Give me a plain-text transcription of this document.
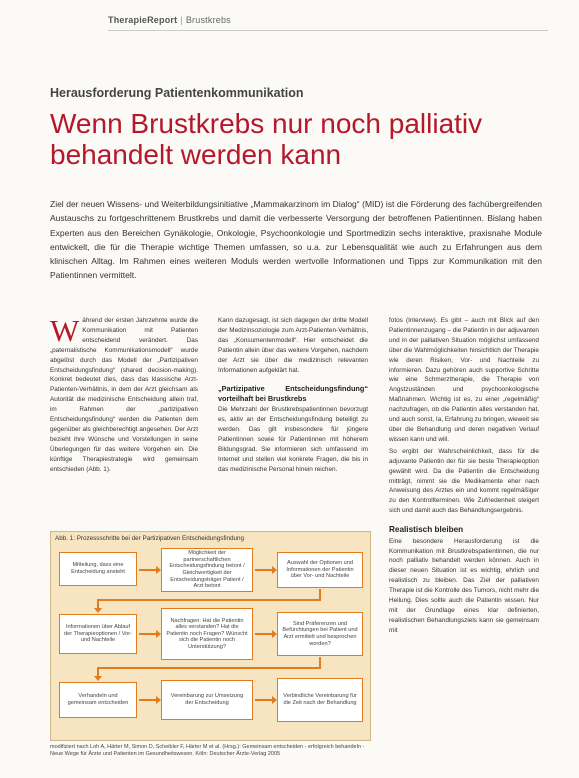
TherapieReport | Brustkrebs
Herausforderung Patientenkommunikation
Wenn Brustkrebs nur noch palliativ behandelt werden kann

Ziel der neuen Wissens- und Weiterbildungsinitiative „Mammakarzinom im Dialog“ (MID) ist die Förderung des fachübergreifenden Austauschs zu fortgeschrittenem Brustkrebs und damit die verbesserte Versorgung der betroffenen Patientinnen. Bislang haben Experten aus den Bereichen Gynäkologie, Onkologie, Psychoonkologie und Sportmedizin sechs interaktive, praxisnahe Module entwickelt, die für die Therapie wichtige Themen umfassen, so u.a. zur Lebensqualität wie auch zu Erfahrungen aus dem klinischen Alltag. Im Rahmen eines weiteren Moduls werden wertvolle Informationen und Tipps zur Kommunikation mit den Patientinnen vermittelt.

W ährend der ersten Jahrzehnte wurde die Kommunikation mit Patienten entscheidend verändert. Das „paternalistische Kommunikationsmodell“ wurde abgelöst durch das Modell der „Partizipativen Entscheidungsfindung“ (shared decision-making). Konkret bedeutet dies, dass das klassische Arzt-Patienten-Verhältnis, in dem der Arzt gleichsam als Autorität die medizinische Entscheidung allein traf, im Rahmen der „partizipativen Entscheidungsfindung“ werden die Patienten dem gegenüber als gleichberechtigt angesehen. Der Arzt bezieht ihre Wünsche und Vorstellungen in seine Überlegungen für das weitere Vorgehen ein. Die künftige Therapiestrategie wird gemeinsam entschieden (Abb. 1).

Kann dazugesagt, ist sich dagegen der dritte Modell der Medizinsoziologie zum Arzt-Patienten-Verhältnis, das „Konsumentenmodell“. Hier entscheidet die Patientin allein über das weitere Vorgehen, nachdem der Arzt sie über die medizinisch relevanten Informationen aufgeklärt hat.

„Partizipative Entscheidungsfindung“ vorteilhaft bei Brustkrebs

Die Mehrzahl der Brustkrebspatientinnen bevorzugt es, aktiv an der Entscheidungsfindung beteiligt zu werden. Das gilt insbesondere für jüngere Patientinnen sowie für Patientinnen mit höherem Bildungsgrad. Sie informieren sich umfassend im Internet und stellen viel konkrete Fragen, die bis in das medizinische Personal hinein reichen.

fotos (Interview). Es gibt – auch mit Blick auf den Patientinnenzugang – die Patientin in der adjuvanten und in der palliativen Situation möglichst umfassend über die Wahlmöglichkeiten hinsichtlich der Therapie wie deren Risiken, Vor- und Nachteile zu informieren. Dazu gehören auch supportive Schritte wie eine Schmerztherapie, die Therapie von Angstzuständen und psychoonkologische Maßnahmen. Wichtig ist es, zu einer „regelmäßig“ nachzufragen, ob die Patientin alles verstanden hat, und auch sonst, Ia, Erfahrung zu bringen, wieweit sie über die Behandlung und deren negativen Verlauf wissen kann und will.

So ergibt der Wahrscheinlichkeit, dass für die adjuvante Patientin der für sie beste Therapieoption gewählt wird. Da die Patientin die Entscheidung mitträgt, nimmt sie die Medikamente eher nach Anweisung des Arztes ein und kommt regelmäßiger zu den Kontrollterminen. Wie Zufriedenheit steigert sich und damit auch das Behandlungsergebnis.

Realistisch bleiben

Eine besondere Herausforderung ist die Kommunikation mit Brustkrebspatientinnen, die nur noch palliativ behandelt werden können. Auch in dieser neuen Situation ist es wichtig, ehrlich und realistisch zu bleiben. Das Ziel der palliativen Therapie ist die Kontrolle des Tumors, nicht mehr die Heilung. Dies sollte auch die Patientin wissen. Nur mit der Grundlage eines klar definierten, realistischen Behandlungsziels kann sie gemeinsam mit

Abb. 1: Prozessschritte bei der Partizipativen Entscheidungsfindung
Mitteilung, dass eine Entscheidung ansteht
Möglichkeit der partnerschaftlichen Entscheidungsfindung betont / Gleichwertigkeit der Entscheidungsträger Patient / Arzt betont
Auswahl der Optionen und Informationen der Patientin über Vor- und Nachteile
Informationen über Ablauf der Therapieoptionen / Vor- und Nachteile
Nachfragen: Hat die Patientin alles verstanden? Hat die Patientin noch Fragen? Wünscht sich die Patientin noch Unterstützung?
Sind Präferenzen und Befürchtungen bei Patient und Arzt ermittelt und besprochen worden?
Verhandeln und gemeinsam entscheiden
Vereinbarung zur Umsetzung der Entscheidung
Verbindliche Vereinbarung für die Zeit nach der Behandlung
modifiziert nach Loh A, Härter M, Simon D, Scheibler F, Härter M et al. (Hrsg.): Gemeinsam entscheiden - erfolgreich behandeln - Neue Wege für Ärzte und Patienten im Gesundheitswesen. Köln: Deutscher Ärzte-Verlag 2005
